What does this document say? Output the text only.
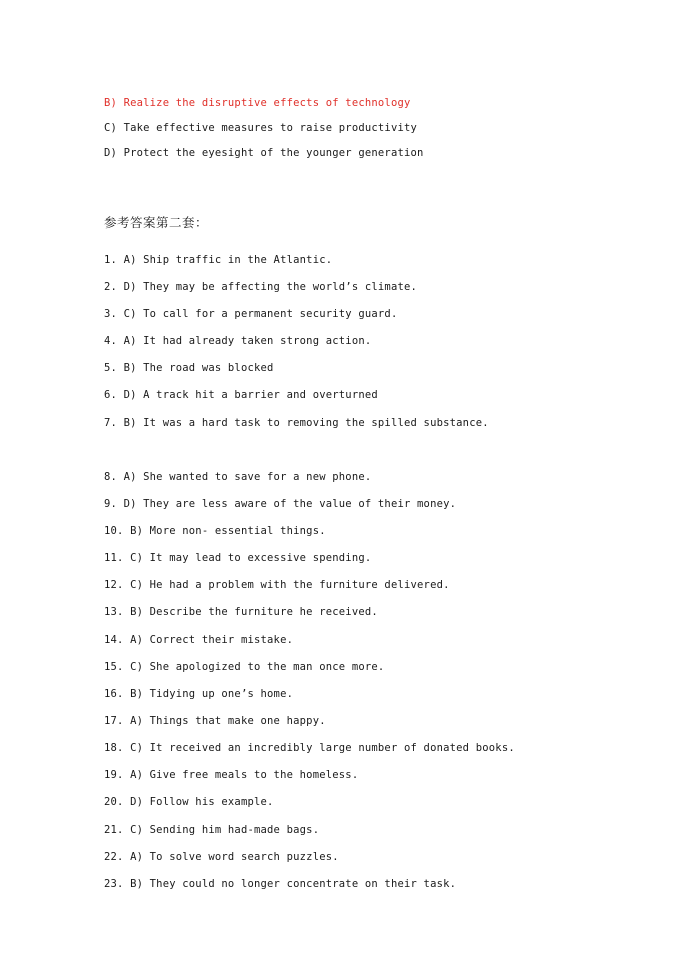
B) Realize the disruptive effects of technology
C) Take effective measures to raise productivity
D) Protect the eyesight of the younger generation
参考答案第二套：
1. A) Ship traffic in the Atlantic.
2. D) They may be affecting the world’s climate.
3. C) To call for a permanent security guard.
4. A) It had already taken strong action.
5. B) The road was blocked
6. D) A track hit a barrier and overturned
7. B) It was a hard task to removing the spilled substance.
8. A) She wanted to save for a new phone.
9. D) They are less aware of the value of their money.
10. B) More non- essential things.
11. C) It may lead to excessive spending.
12. C) He had a problem with the furniture delivered.
13. B) Describe the furniture he received.
14. A) Correct their mistake.
15. C) She apologized to the man once more.
16. B) Tidying up one’s home.
17. A) Things that make one happy.
18. C) It received an incredibly large number of donated books.
19. A) Give free meals to the homeless.
20. D) Follow his example.
21. C) Sending him had-made bags.
22. A) To solve word search puzzles.
23. B) They could no longer concentrate on their task.
